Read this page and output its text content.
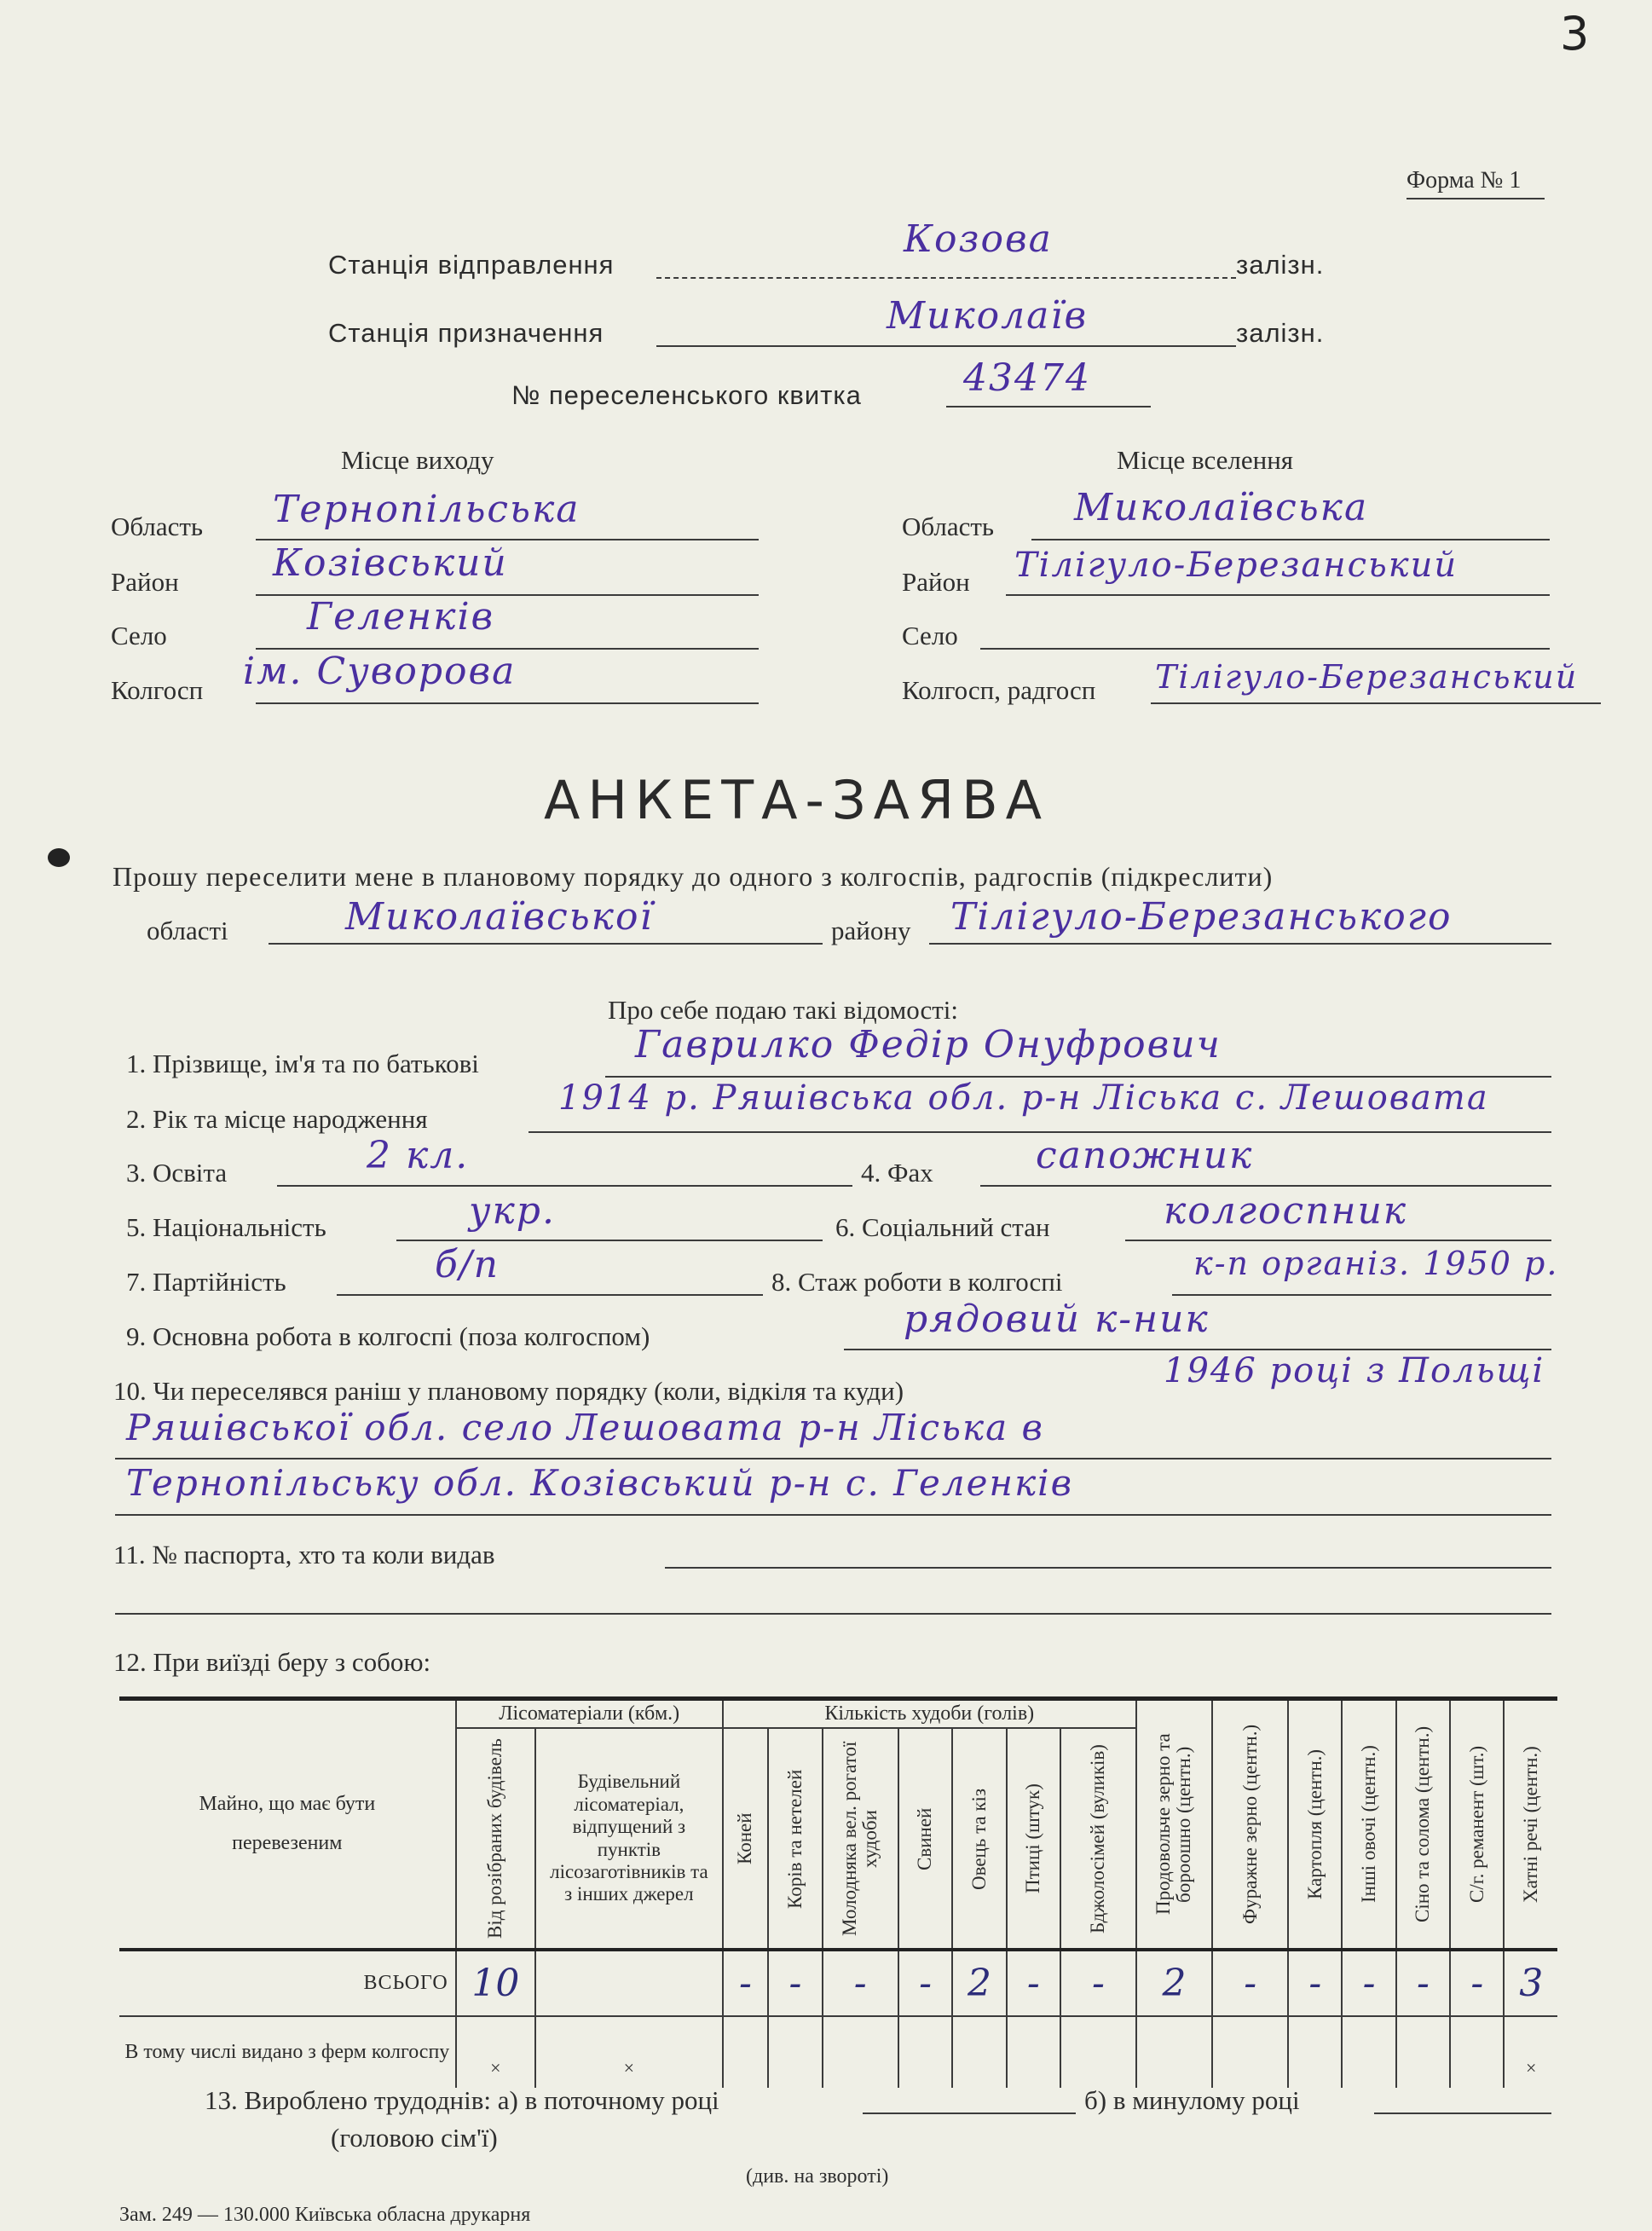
3
Форма № 1
Станція відправлення
Козова
залізн.
Станція призначення	Миколаїв	залізн.
№ переселенського квитка	43474
Місце виходу	Місце вселення
Область Тернопільська
Район	Козівський
Село	Геленків
Колгосп ім. Суворова
Область Миколаївська
Район Тілігуло-Березанський
Село
Колгосп, радгосп Тілігуло-Березанський
АНКЕТА-ЗАЯВА
Прошу переселити мене в плановому порядку до одного з колгоспів, радгоспів (підкреслити)
області	Миколаївської	району Тілігуло-Березанського
Про себе подаю такі відомості:
1. Прізвище, ім'я та по батькові	Гаврилко Федір Онуфрович
2. Рік та місце народження
1914 р. Ряшівська обл. р-н Ліська с. Лешовата
3. Освіта	2 кл.	4. Фах	сапожник
5. Національність	укр.	6. Соціальний стан	колгоспник
7. Партійність	б/п	8. Стаж роботи в колгоспі	к-п організ. 1950 р.
9. Основна робота в колгоспі (поза колгоспом)	рядовий к-ник
10. Чи переселявся раніш у плановому порядку (коли, відкіля та куди)
1946 році з Польщі
Ряшівської обл. село Лешовата р-н Ліська в
Тернопільську обл. Козівський р-н с. Геленків
11. № паспорта, хто та коли видав
12. При виїзді беру з собою:
Майно, що має бути перевезеним	Лісоматеріали (кбм.)		Кількість худоби (голів)							Продовольче зерно та бороошно (центн.)	Фуражне зерно (центн.)	Картопля (центн.)	Інші овочі (центн.)	Сіно та солома (центн.)	С/г. реманент (шт.)	Хатні речі (центн.)

	Від розібраних будівель	Будівельний лісоматеріал, відпущений з пунктів лісозаготівників та з інших джерел	Коней	Корів та нетелей	Молодняка вел. рогатої худоби	Свиней	Овець та кіз	Птиці (штук)	Бджолосімей (вуликів)							

ВСЬОГО	10		-	-	-	-	2	-	-	2	-	-	-	-	-	3
В тому числі видано з ферм колгоспу	×	×														×
13. Вироблено трудоднів: а) в поточному році	б) в минулому році
(головою сім'ї)
(див. на звороті)
Зам. 249 — 130.000 Київська обласна друкарня
